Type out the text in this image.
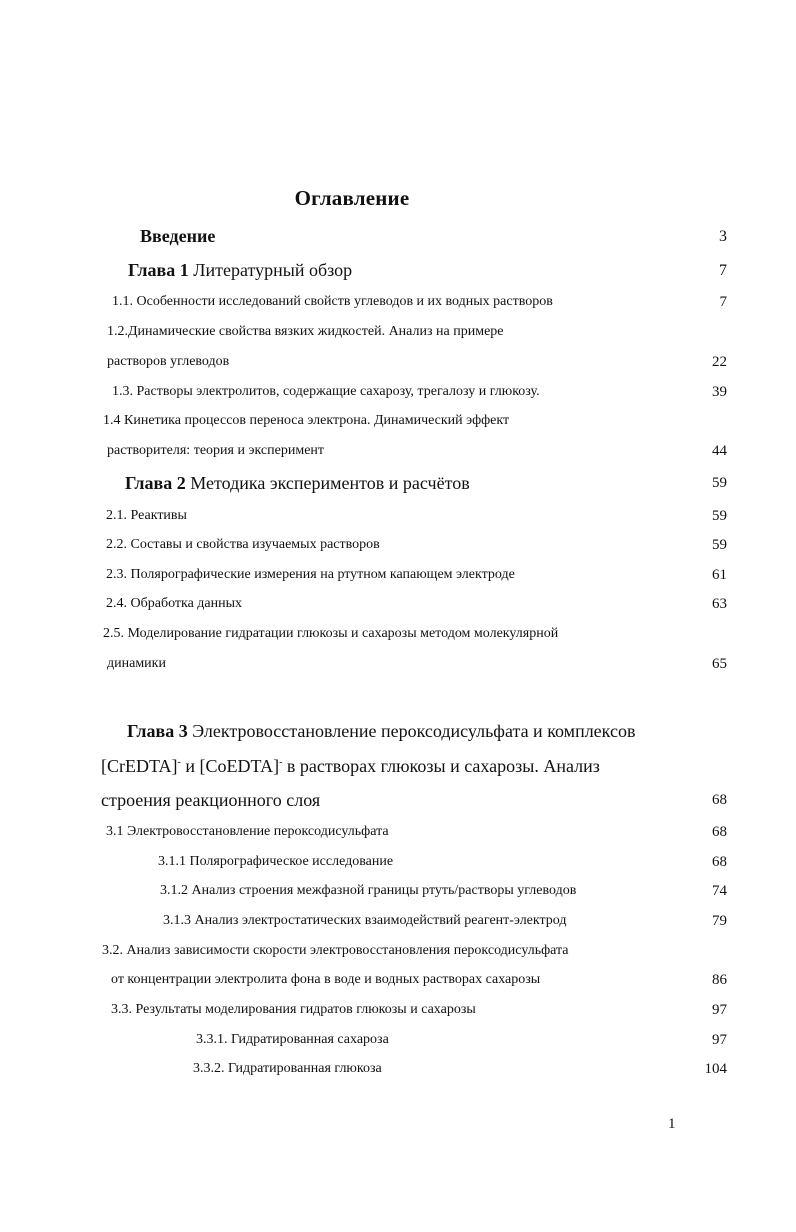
Оглавление
Введение	3
Глава 1 Литературный обзор	7
1.1. Особенности исследований свойств углеводов и их водных растворов	7
1.2.Динамические свойства вязких жидкостей. Анализ на примере
растворов углеводов	22
1.3. Растворы электролитов, содержащие сахарозу, трегалозу и глюкозу.	39
1.4 Кинетика процессов переноса электрона. Динамический эффект
растворителя: теория и эксперимент	44
Глава 2 Методика экспериментов и расчётов	59
2.1. Реактивы	59
2.2. Составы и свойства изучаемых растворов	59
2.3. Полярографические измерения на ртутном капающем электроде	61
2.4. Обработка данных	63
2.5. Моделирование гидратации глюкозы и сахарозы методом молекулярной
динамики	65
Глава 3 Электровосстановление пероксодисульфата и комплексов
[CrEDTA]- и [CoEDTA]- в растворах глюкозы и сахарозы. Анализ
строения реакционного слоя	68
3.1 Электровосстановление пероксодисульфата	68
3.1.1 Полярографическое исследование	68
3.1.2 Анализ строения межфазной границы ртуть/растворы углеводов	74
3.1.3 Анализ электростатических взаимодействий реагент-электрод	79
3.2. Анализ зависимости скорости электровосстановления пероксодисульфата
от концентрации электролита фона в воде и водных растворах сахарозы	86
3.3. Результаты моделирования гидратов глюкозы и сахарозы	97
3.3.1. Гидратированная сахароза	97
3.3.2. Гидратированная глюкоза	104
1
